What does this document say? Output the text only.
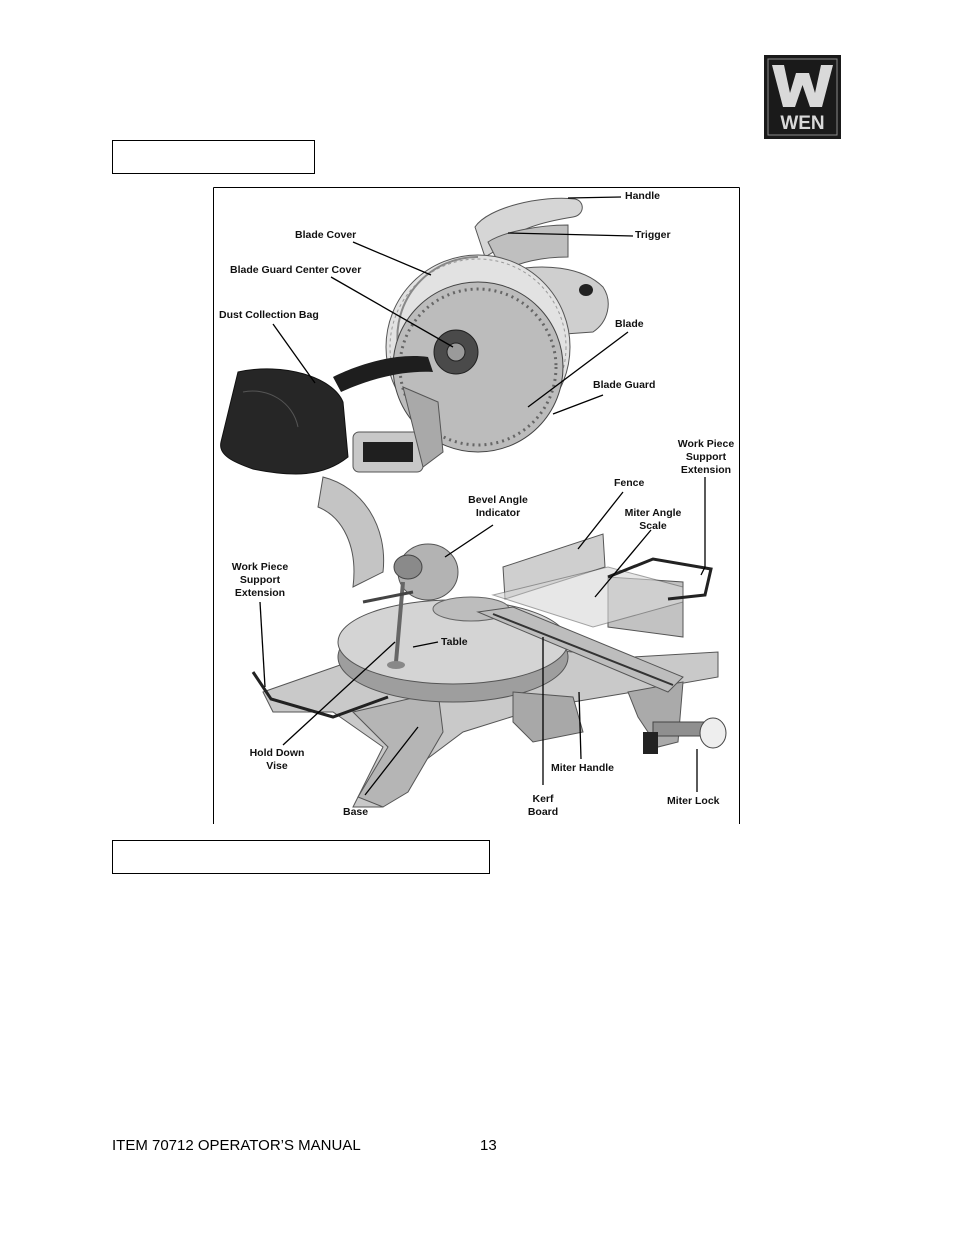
WEN
Handle
Trigger
Blade Cover
Blade Guard Center Cover
Dust Collection Bag
Blade
Blade Guard
Work Piece
Support
Extension
Fence
Bevel Angle
Indicator	Miter Angle
Scale
Work Piece
Support
Extension
Table
Hold Down
Vise	Miter Handle
Kerf
Board
Miter Lock
Base
ITEM 70712 OPERATOR’S MANUAL	13
